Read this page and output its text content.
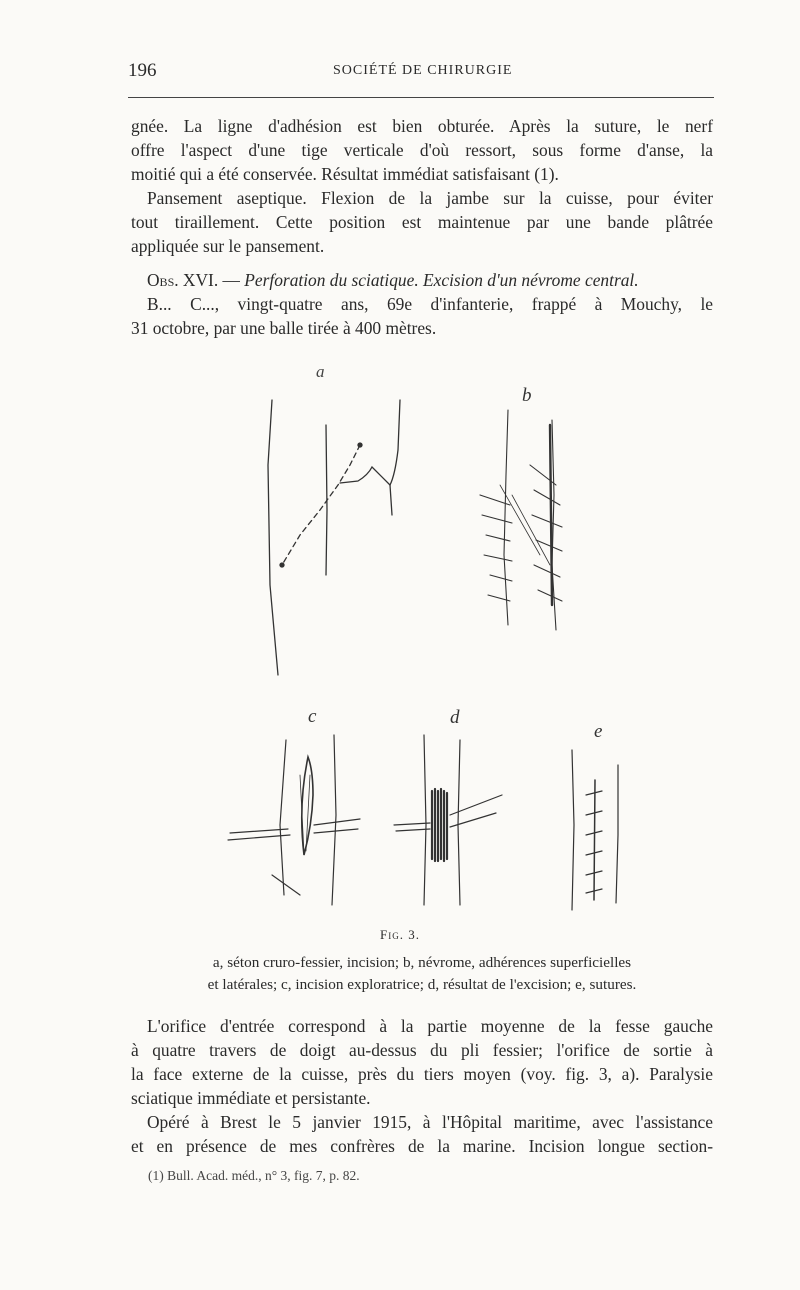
196	SOCIÉTÉ DE CHIRURGIE
gnée. La ligne d'adhésion est bien obturée. Après la suture, le nerf
offre l'aspect d'une tige verticale d'où ressort, sous forme d'anse, la
moitié qui a été conservée. Résultat immédiat satisfaisant (1).
Pansement aseptique. Flexion de la jambe sur la cuisse, pour éviter
tout tiraillement. Cette position est maintenue par une bande plâtrée
appliquée sur le pansement.
Obs. XVI. — Perforation du sciatique. Excision d'un névrome central.
B... C..., vingt-quatre ans, 69e d'infanterie, frappé à Mouchy, le
31 octobre, par une balle tirée à 400 mètres.
a
b
c	d
e
Fig. 3.
a, séton cruro-fessier, incision; b, névrome, adhérences superficielles
et latérales; c, incision exploratrice; d, résultat de l'excision; e, sutures.
L'orifice d'entrée correspond à la partie moyenne de la fesse gauche
à quatre travers de doigt au-dessus du pli fessier; l'orifice de sortie à
la face externe de la cuisse, près du tiers moyen (voy. fig. 3, a). Paralysie
sciatique immédiate et persistante.
Opéré à Brest le 5 janvier 1915, à l'Hôpital maritime, avec l'assistance
et en présence de mes confrères de la marine. Incision longue section-
(1) Bull. Acad. méd., n° 3, fig. 7, p. 82.
